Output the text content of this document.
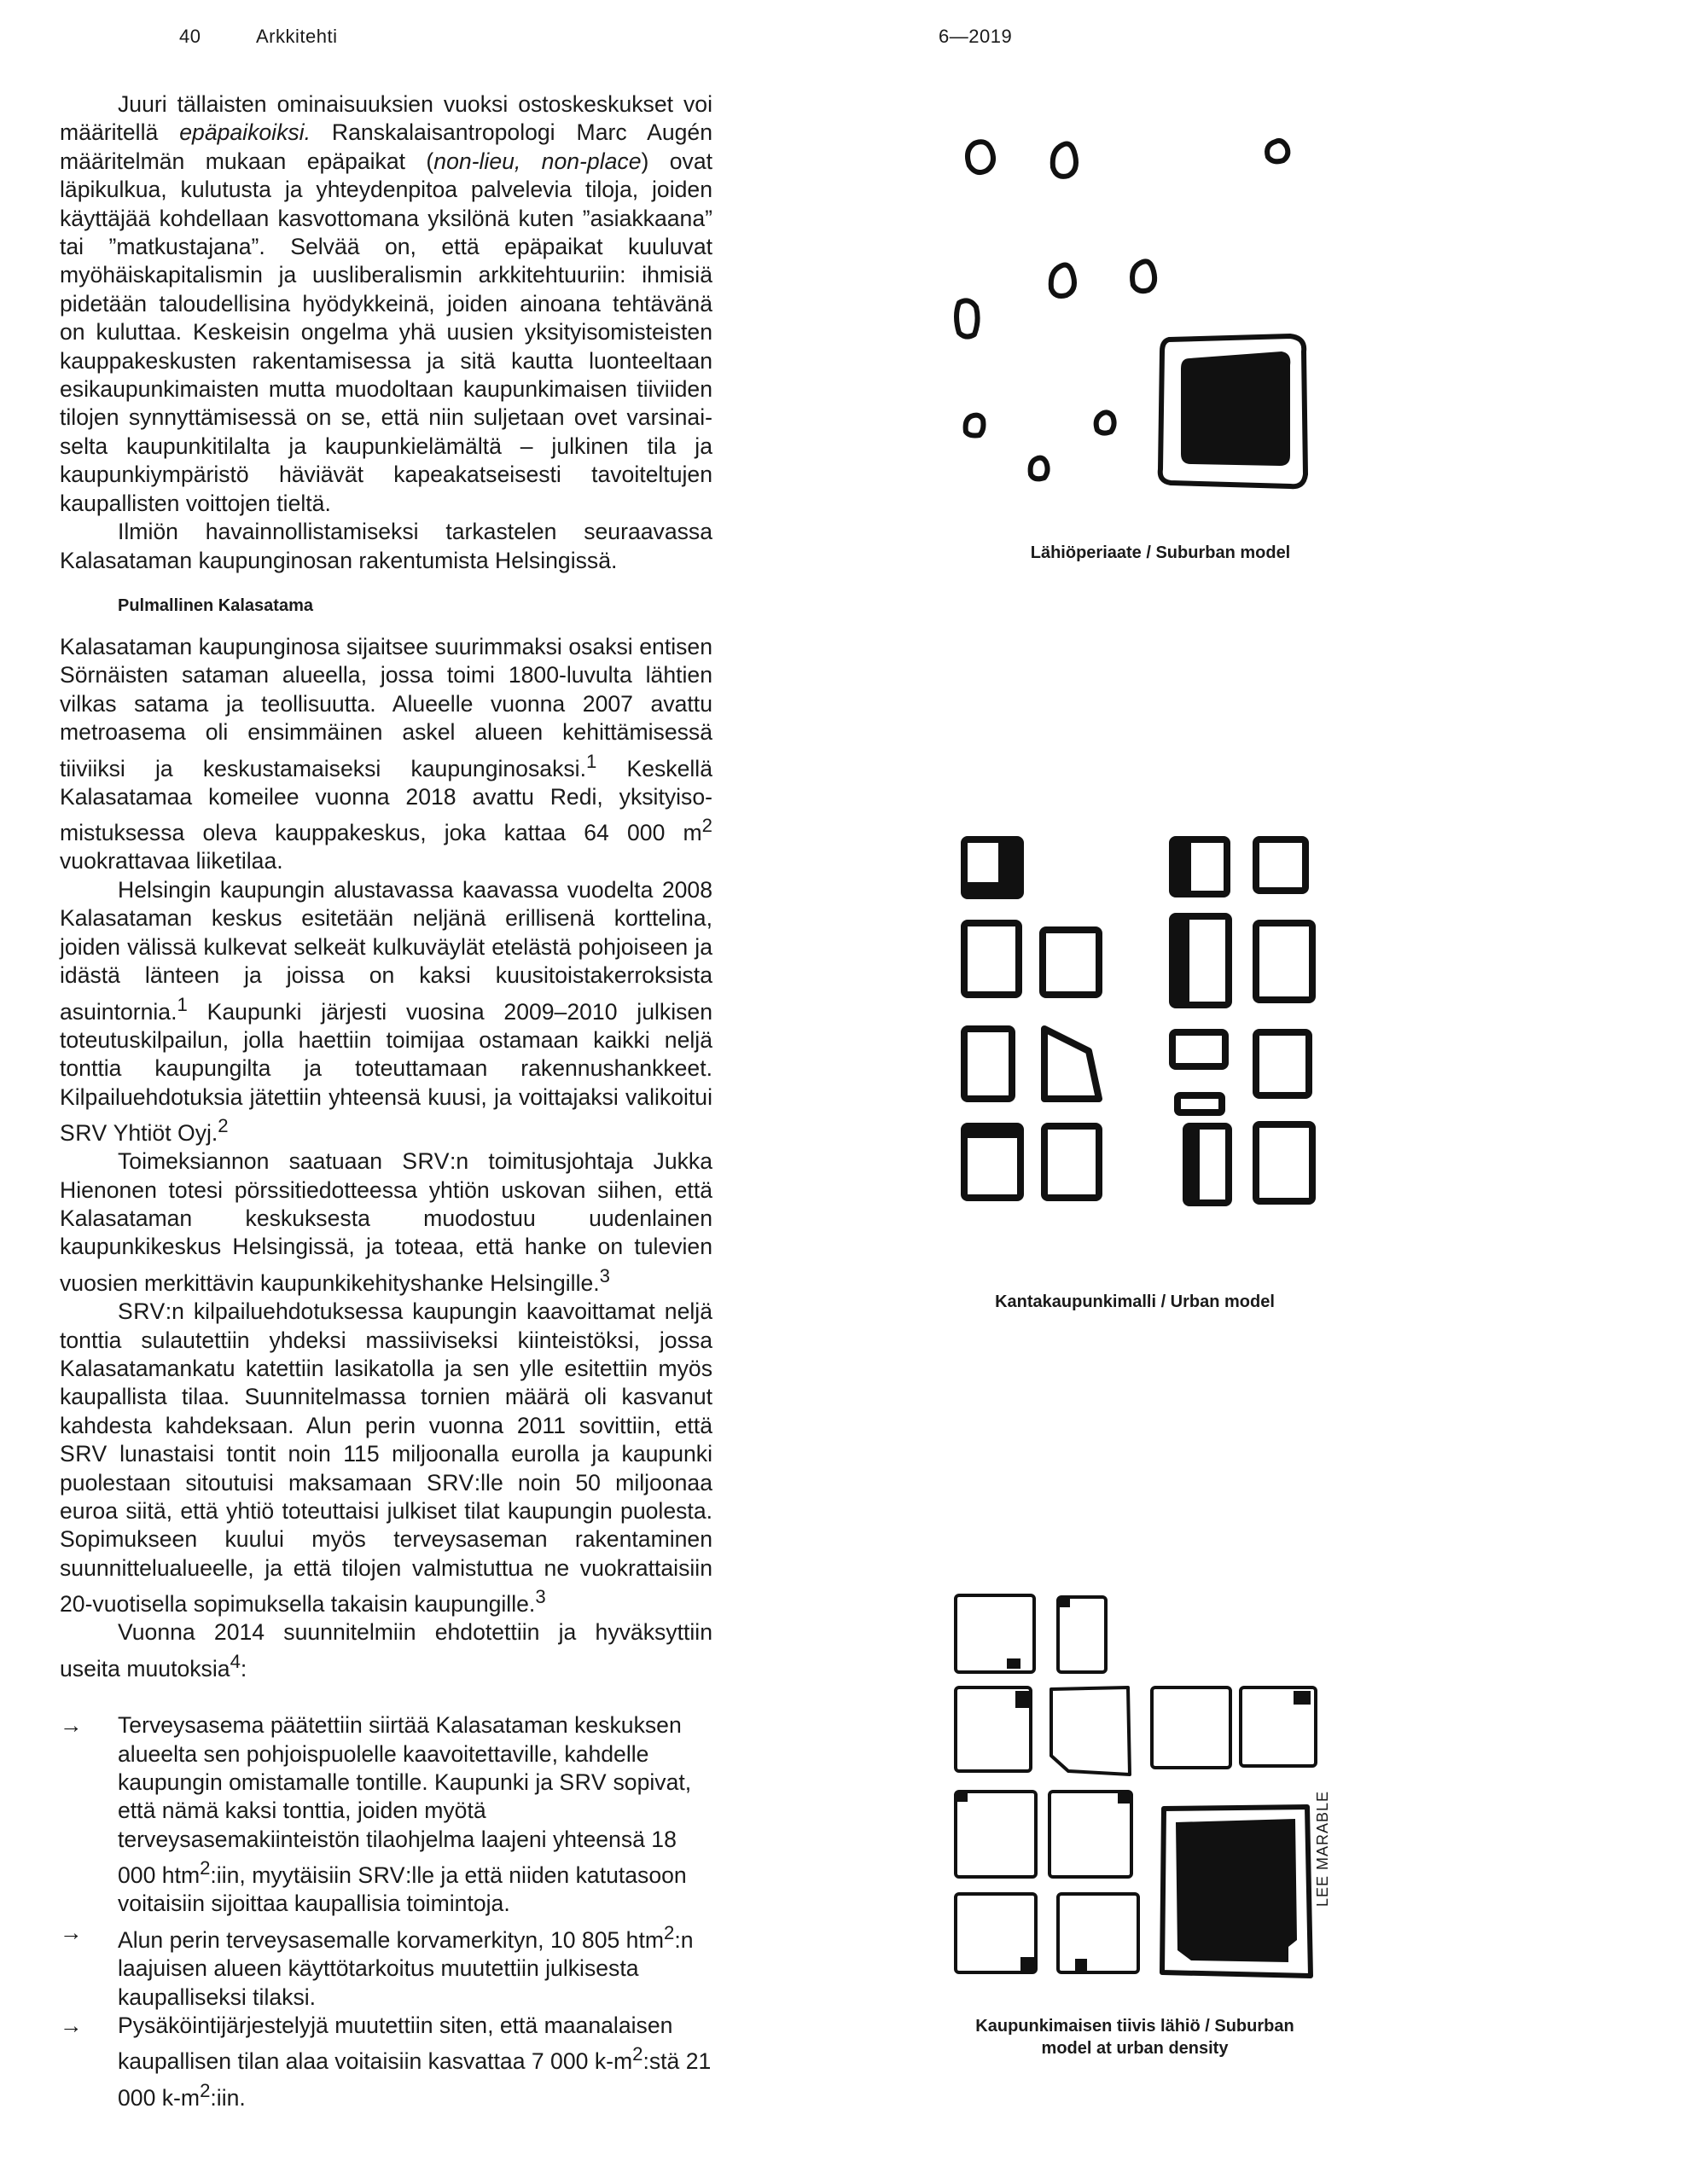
40	Arkkitehti	6—2019

Juuri tällaisten ominaisuuksien vuoksi ostoskeskukset voi määritellä epäpaikoiksi. Ranskalaisantropologi Marc Augén määritelmän mukaan epäpaikat (non-lieu, non-place) ovat läpikulkua, kulutusta ja yhteydenpitoa palvelevia tiloja, joiden käyttäjää kohdellaan kasvottomana yksilönä kuten ”asiakkaana” tai ”matkustajana”. Selvää on, että epäpaikat kuuluvat myöhäiskapitalismin ja uusliberalismin arkkitehtuuriin: ihmisiä pidetään taloudellisina hyödykkeinä, joiden ainoana tehtävänä on kuluttaa. Keskeisin ongelma yhä uusien yksityisomisteisten kauppakeskusten rakentamisessa ja sitä kautta luonteeltaan esikaupunkimaisten mutta muodoltaan kaupunkimaisen tiiviiden tilojen synnyttämisessä on se, että niin suljetaan ovet varsinaiselta kaupunkitilalta ja kaupunkielämältä – julkinen tila ja kaupunkiympäristö häviävät kapeakatseisesti tavoiteltujen kaupallisten voittojen tieltä.

Ilmiön havainnollistamiseksi tarkastelen seuraavassa Kalasataman kaupunginosan rakentumista Helsingissä.

Pulmallinen Kalasatama

Kalasataman kaupunginosa sijaitsee suurimmaksi osaksi entisen Sörnäisten sataman alueella, jossa toimi 1800-luvulta lähtien vilkas satama ja teollisuutta. Alueelle vuonna 2007 avattu metroasema oli ensimmäinen askel alueen kehittämisessä tiiviiksi ja keskustamaiseksi kaupunginosaksi.$^1$ Keskellä Kalasatamaa komeilee vuonna 2018 avattu Redi, yksityisomistuksessa oleva kauppakeskus, joka kattaa 64 000 $m^2$ vuokrattavaa liiketilaa.

Helsingin kaupungin alustavassa kaavassa vuodelta 2008 Kalasataman keskus esitetään neljänä erillisenä korttelina, joiden välissä kulkevat selkeät kulkuväylät etelästä pohjoiseen ja idästä länteen ja joissa on kaksi kuusitoistakerroksista asuintornia.$^1$ Kaupunki järjesti vuosina 2009–2010 julkisen toteutuskilpailun, jolla haettiin toimijaa ostamaan kaikki neljä tonttia kaupungilta ja toteuttamaan rakennushankkeet. Kilpailuehdotuksia jätettiin yhteensä kuusi, ja voittajaksi valikoitui SRV Yhtiöt Oyj.$^2$

Toimeksiannon saatuaan SRV:n toimitusjohtaja Jukka Hienonen totesi pörssitiedotteessa yhtiön uskovan siihen, että Kalasataman keskuksesta muodostuu uudenlainen kaupunkikeskus Helsingissä, ja toteaa, että hanke on tulevien vuosien merkittävin kaupunkikehityshanke Helsingille.$^3$

SRV:n kilpailuehdotuksessa kaupungin kaavoittamat neljä tonttia sulautettiin yhdeksi massiiviseksi kiinteistöksi, jossa Kalasatamankatu katettiin lasikatolla ja sen ylle esitettiin myös kaupallista tilaa. Suunnitelmassa tornien määrä oli kasvanut kahdesta kahdeksaan. Alun perin vuonna 2011 sovittiin, että SRV lunastaisi tontit noin 115 miljoonalla eurolla ja kaupunki puolestaan sitoutuisi maksamaan SRV:lle noin 50 miljoonaa euroa siitä, että yhtiö toteuttaisi julkiset tilat kaupungin puolesta. Sopimukseen kuului myös terveysaseman rakentaminen suunnittelualueelle, ja että tilojen valmistuttua ne vuokrattaisiin 20-vuotisella sopimuksella takaisin kaupungille.$^3$

Vuonna 2014 suunnitelmiin ehdotettiin ja hyväksyttiin useita muutoksia$^4$:

→ Terveysasema päätettiin siirtää Kalasataman keskuksen alueelta sen pohjoispuolelle kaavoitettaville, kahdelle kaupungin omistamalle tontille. Kaupunki ja SRV sopivat, että nämä kaksi tonttia, joiden myötä terveysasemakiinteistön tilaohjelma laajeni yhteensä 18 000 htm$^2$:iin, myytäisiin SRV:lle ja että niiden katutasoon voitaisiin sijoittaa kaupallisia toimintoja.
→ Alun perin terveysasemalle korvamerkityn, 10 805 htm$^2$:n laajuisen alueen käyttötarkoitus muutettiin julkisesta kaupalliseksi tilaksi.
→ Pysäköintijärjestelyjä muutettiin siten, että maanalaisen kaupallisen tilan alaa voitaisiin kasvattaa 7 000 $k-m^2:stä$ 21 000 $k-m^2:iin$.
Lähiöperiaate / Suburban model
Kantakaupunkimalli / Urban model
Kaupunkimaisen tiivis lähiö / Suburban model at urban density
LEE MARABLE
